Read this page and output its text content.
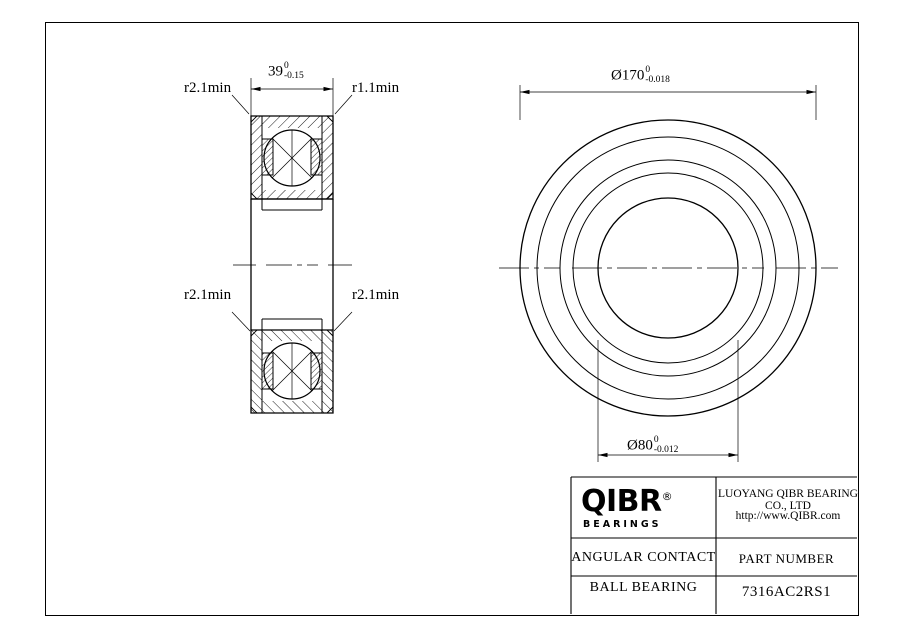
39 0
-0.15
r2.1min	r1.1min
r2.1min	r2.1min
Ø170 0
-0.018
Ø80 0
-0.012
QIBR®
BEARINGS
LUOYANG QIBR BEARING CO., LTD
http://www.QIBR.com
ANGULAR CONTACT
BALL BEARING
PART NUMBER
7316AC2RS1
